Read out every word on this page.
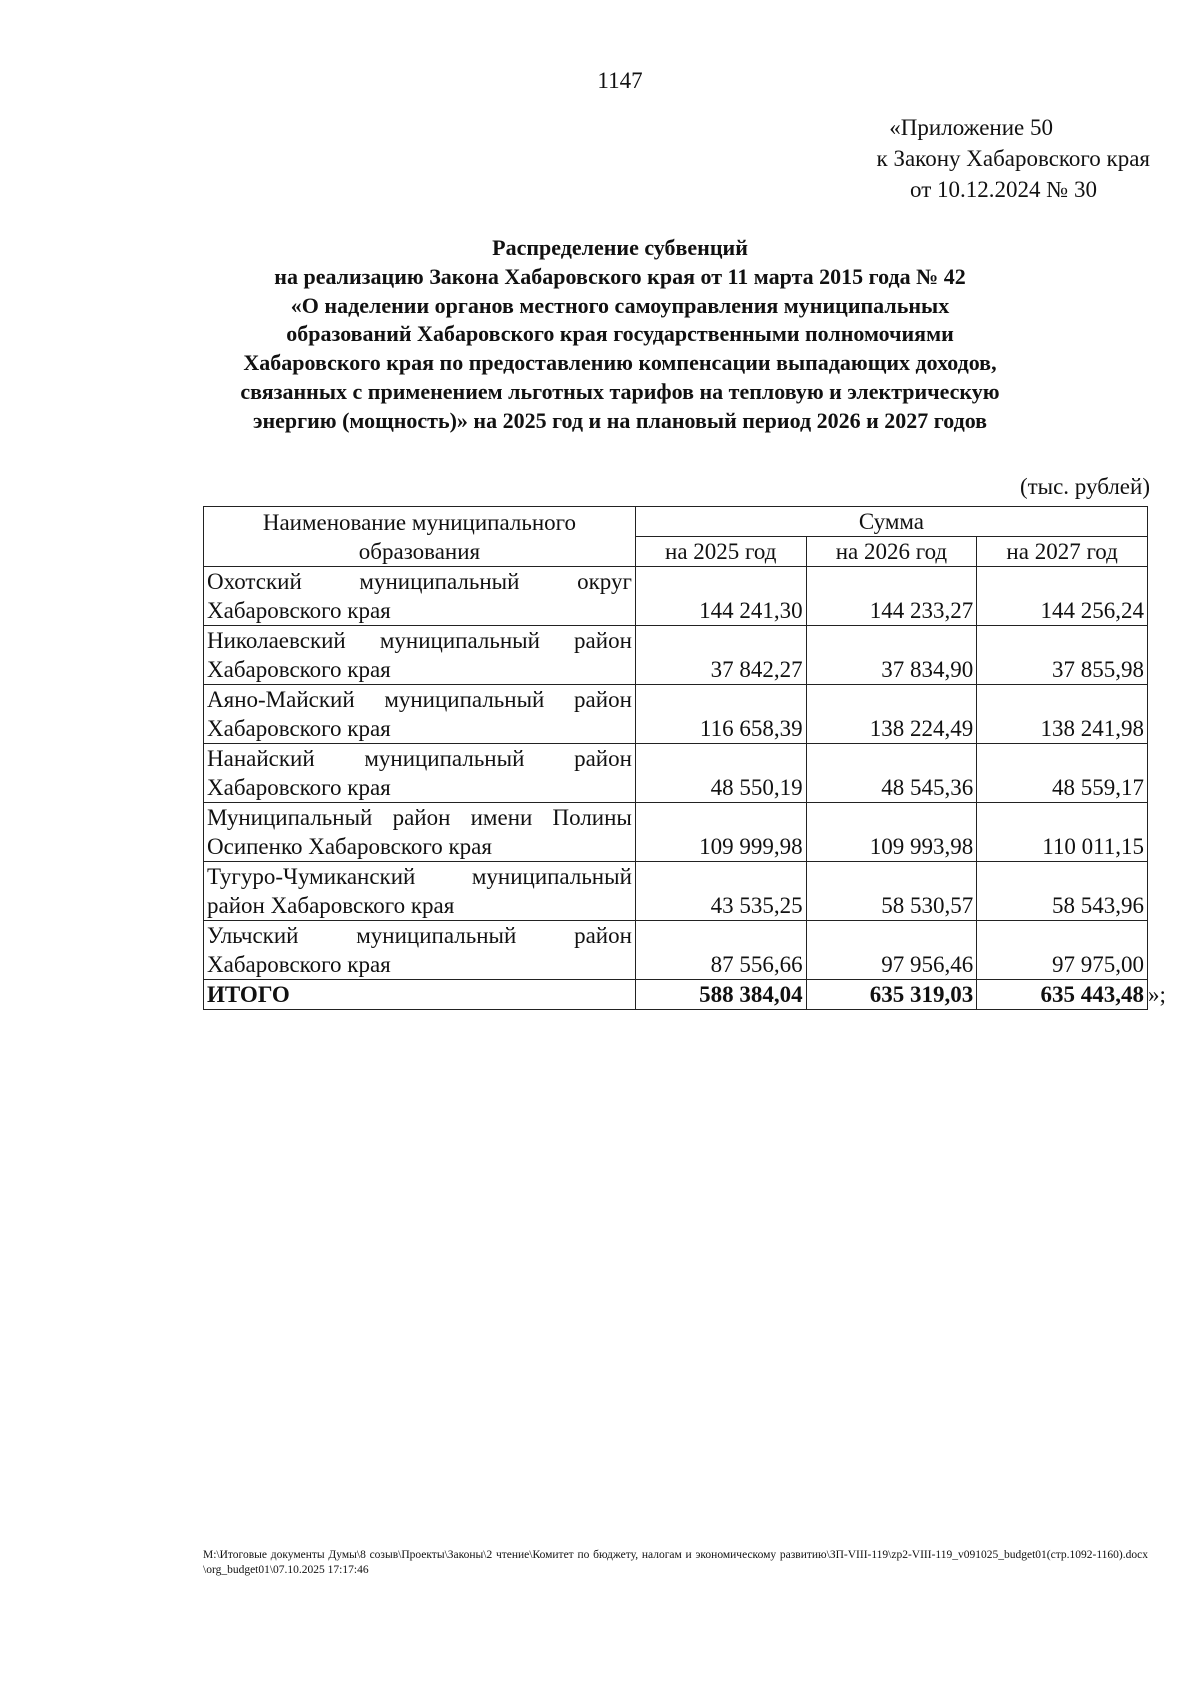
1147
«Приложение 50
к Закону Хабаровского края
от 10.12.2024 № 30
Распределение субвенций
на реализацию Закона Хабаровского края от 11 марта 2015 года № 42
«О наделении органов местного самоуправления муниципальных
образований Хабаровского края государственными полномочиями
Хабаровского края по предоставлению компенсации выпадающих доходов,
связанных с применением льготных тарифов на тепловую и электрическую
энергию (мощность)» на 2025 год и на плановый период 2026 и 2027 годов
(тыс. рублей)
Наименование муниципального образования	Сумма		
	на 2025 год	на 2026 год	на 2027 год
Охотский муниципальный округ Хабаровского края	144 241,30	144 233,27	144 256,24
Николаевский муниципальный район Хабаровского края	37 842,27	37 834,90	37 855,98
Аяно-Майский муниципальный район Хабаровского края	116 658,39	138 224,49	138 241,98
Нанайский муниципальный район Хабаровского края	48 550,19	48 545,36	48 559,17
Муниципальный район имени Полины Осипенко Хабаровского края	109 999,98	109 993,98	110 011,15
Тугуро-Чумиканский муниципальный район Хабаровского края	43 535,25	58 530,57	58 543,96
Ульчский муниципальный район Хабаровского края	87 556,66	97 956,46	97 975,00
ИТОГО	588 384,04	635 319,03	635 443,48 »;
M:\Итоговые документы Думы\8 созыв\Проекты\Законы\2 чтение\Комитет по бюджету, налогам и экономическому развитию\ЗП-VIII-119\zp2-VIII-119_v091025_budget01(стр.1092-1160).docx\org_budget01\07.10.2025 17:17:46
